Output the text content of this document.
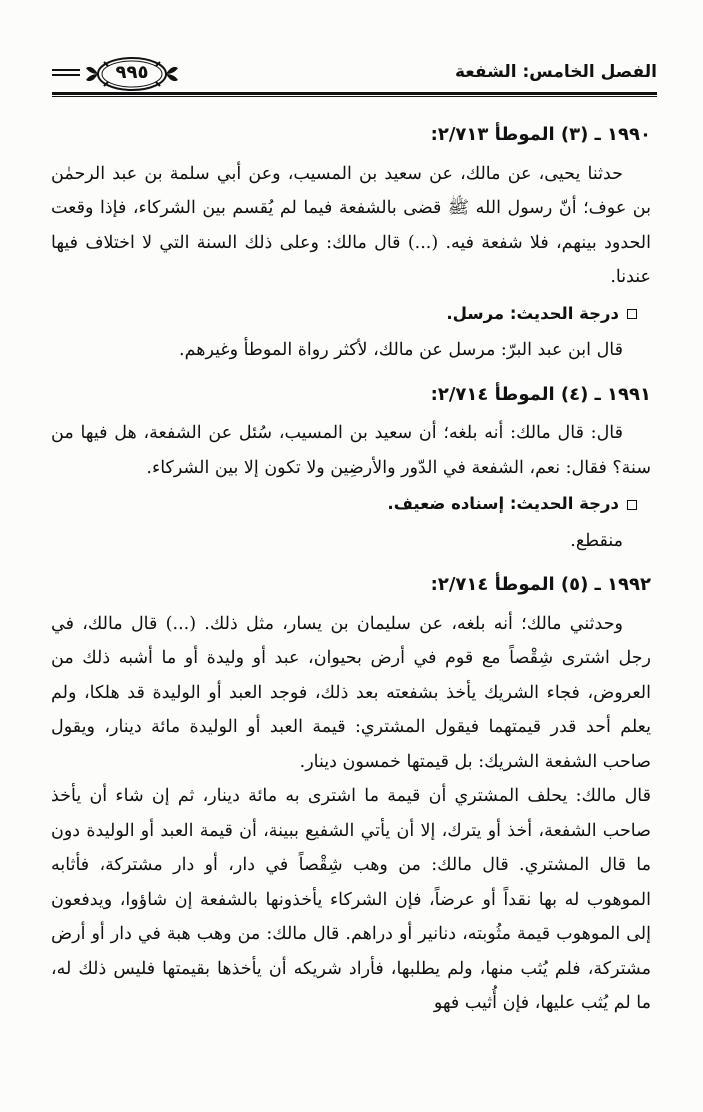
الفصل الخامس: الشفعة
٩٩٥
١٩٩٠ ـ (٣) الموطأ ٢/٧١٣:

حدثنا يحيى، عن مالك، عن سعيد بن المسيب، وعن أبي سلمة بن عبد الرحمٰن بن عوف؛ أنّ رسول الله ﷺ قضى بالشفعة فيما لم يُقسم بين الشركاء، فإذا وقعت الحدود بينهم، فلا شفعة فيه. (...) قال مالك: وعلى ذلك السنة التي لا اختلاف فيها عندنا.

درجة الحديث: مرسل.

قال ابن عبد البرّ: مرسل عن مالك، لأكثر رواة الموطأ وغيرهم.

١٩٩١ ـ (٤) الموطأ ٢/٧١٤:

قال: قال مالك: أنه بلغه؛ أن سعيد بن المسيب، سُئل عن الشفعة، هل فيها من سنة؟ فقال: نعم، الشفعة في الدّور والأرضِين ولا تكون إلا بين الشركاء.

درجة الحديث: إسناده ضعيف.

منقطع.

١٩٩٢ ـ (٥) الموطأ ٢/٧١٤:

وحدثني مالك؛ أنه بلغه، عن سليمان بن يسار، مثل ذلك. (...) قال مالك، في رجل اشترى شِقْصاً مع قوم في أرض بحيوان، عبد أو وليدة أو ما أشبه ذلك من العروض، فجاء الشريك يأخذ بشفعته بعد ذلك، فوجد العبد أو الوليدة قد هلكا، ولم يعلم أحد قدر قيمتهما فيقول المشتري: قيمة العبد أو الوليدة مائة دينار، ويقول صاحب الشفعة الشريك: بل قيمتها خمسون دينار.

قال مالك: يحلف المشتري أن قيمة ما اشترى به مائة دينار، ثم إن شاء أن يأخذ صاحب الشفعة، أخذ أو يترك، إلا أن يأتي الشفيع ببينة، أن قيمة العبد أو الوليدة دون ما قال المشتري. قال مالك: من وهب شِقْصاً في دار، أو دار مشتركة، فأثابه الموهوب له بها نقداً أو عرضاً، فإن الشركاء يأخذونها بالشفعة إن شاؤوا، ويدفعون إلى الموهوب قيمة مثُوبته، دنانير أو دراهم. قال مالك: من وهب هبة في دار أو أرض مشتركة، فلم يُثب منها، ولم يطلبها، فأراد شريكه أن يأخذها بقيمتها فليس ذلك له، ما لم يُثب عليها، فإن أُثيب فهو
